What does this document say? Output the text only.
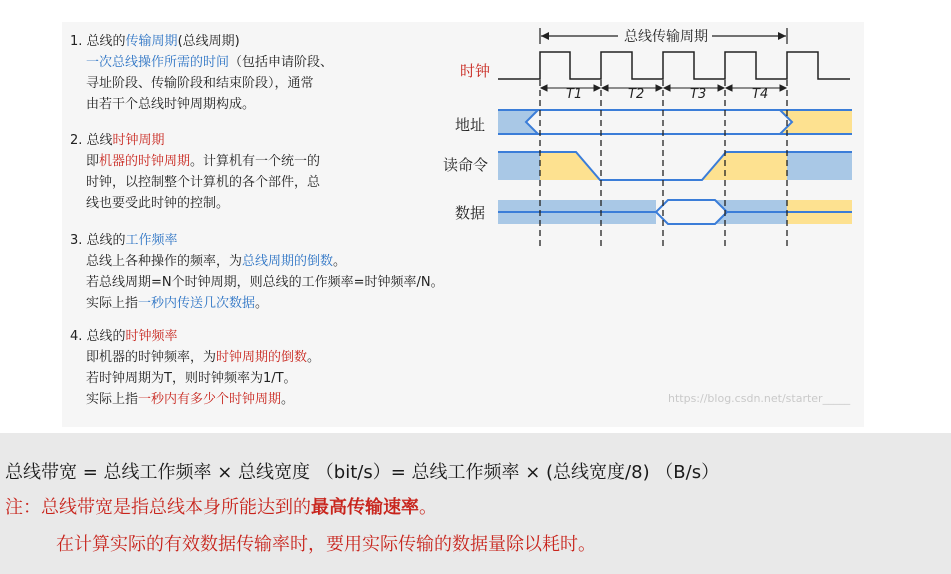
1. 总线的传输周期(总线周期)
一次总线操作所需的时间（包括申请阶段、
寻址阶段、传输阶段和结束阶段），通常
由若干个总线时钟周期构成。
2. 总线时钟周期
即机器的时钟周期。计算机有一个统一的
时钟，以控制整个计算机的各个部件，总
线也要受此时钟的控制。
3. 总线的工作频率
总线上各种操作的频率，为总线周期的倒数。
若总线周期=N个时钟周期，则总线的工作频率=时钟频率/N。
实际上指一秒内传送几次数据。
4. 总线的时钟频率
即机器的时钟频率，为时钟周期的倒数。
若时钟周期为T，则时钟频率为1/T。
实际上指一秒内有多少个时钟周期。
总线传输周期
时钟
T1	T2	T3	T4
地址
读命令
数据
https://blog.csdn.net/starter_____
总线带宽 = 总线工作频率 × 总线宽度 （bit/s）= 总线工作频率 × (总线宽度/8) （B/s）
注：总线带宽是指总线本身所能达到的最高传输速率。
在计算实际的有效数据传输率时，要用实际传输的数据量除以耗时。
